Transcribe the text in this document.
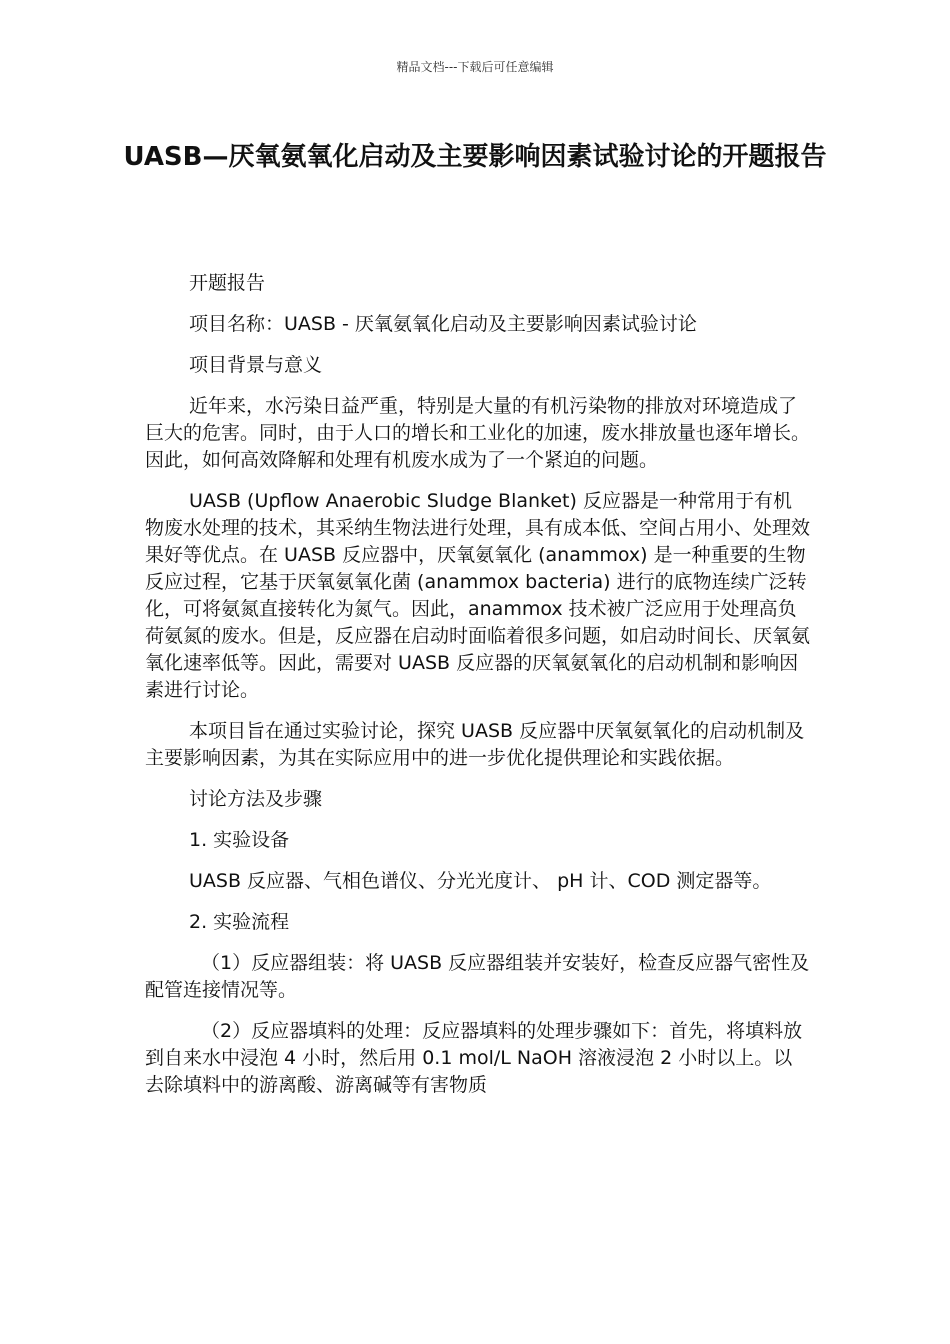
精品文档---下载后可任意编辑
UASB—厌氧氨氧化启动及主要影响因素试验讨论的开题报告

开题报告

项目名称：UASB - 厌氧氨氧化启动及主要影响因素试验讨论

项目背景与意义

近年来，水污染日益严重，特别是大量的有机污染物的排放对环境造成了巨大的危害。同时，由于人口的增长和工业化的加速，废水排放量也逐年增长。因此，如何高效降解和处理有机废水成为了一个紧迫的问题。

UASB (Upflow Anaerobic Sludge Blanket) 反应器是一种常用于有机物废水处理的技术，其采纳生物法进行处理，具有成本低、空间占用小、处理效果好等优点。在 UASB 反应器中，厌氧氨氧化 (anammox) 是一种重要的生物反应过程，它基于厌氧氨氧化菌 (anammox bacteria) 进行的底物连续广泛转化，可将氨氮直接转化为氮气。因此，anammox 技术被广泛应用于处理高负荷氨氮的废水。但是，反应器在启动时面临着很多问题，如启动时间长、厌氧氨氧化速率低等。因此，需要对 UASB 反应器的厌氧氨氧化的启动机制和影响因素进行讨论。

本项目旨在通过实验讨论，探究 UASB 反应器中厌氧氨氧化的启动机制及主要影响因素，为其在实际应用中的进一步优化提供理论和实践依据。

讨论方法及步骤

1. 实验设备

UASB 反应器、气相色谱仪、分光光度计、 pH 计、COD 测定器等。

2. 实验流程

（1）反应器组装：将 UASB 反应器组装并安装好，检查反应器气密性及配管连接情况等。

（2）反应器填料的处理：反应器填料的处理步骤如下：首先，将填料放到自来水中浸泡 4 小时，然后用 0.1 mol/L NaOH 溶液浸泡 2 小时以上。以去除填料中的游离酸、游离碱等有害物质
